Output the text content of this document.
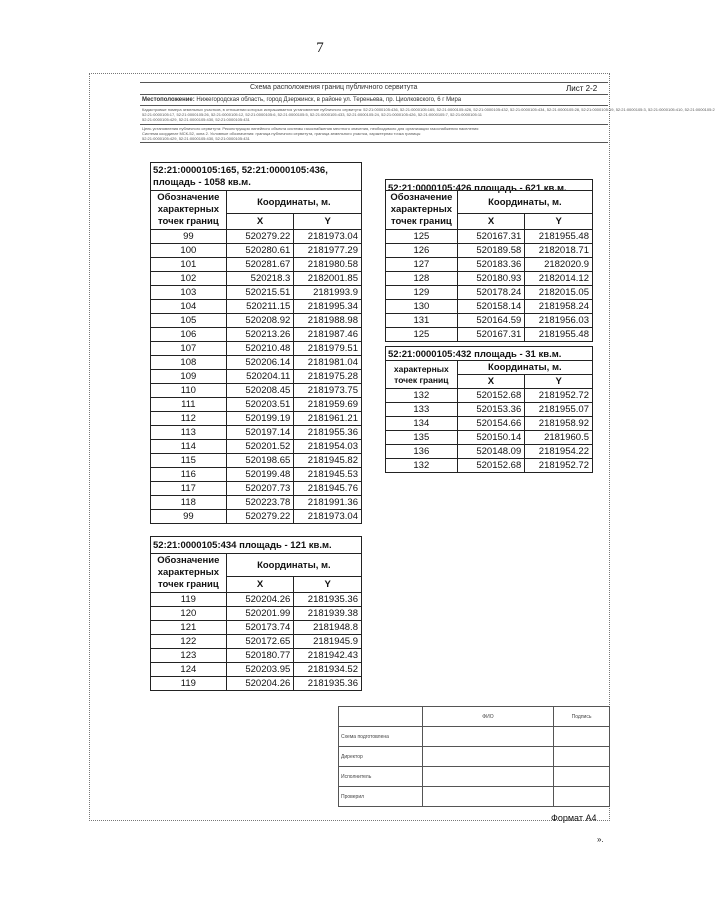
7
Схема расположения границ публичного сервитута	Лист 2-2
Местоположение: Нижегородская область, город Дзержинск, в районе ул. Тереньева, пр. Циолковского, 6 г Мира
Кадастровые номера земельных участков, в отношении которых испрашивается установление публичного сервитута: 52:21:0000105:436, 52:21:0000105:165, 52:21:0000105:426, 52:21:0000105:432, 52:21:0000105:434, 52:21:0000105:28, 52:21:0000105:19, 52:21:0000105:3, 52:21:0000105:410, 52:21:0000105:2
52:21:0000105:17, 52:21:0000105:26, 52:21:0000105:12, 52:21:0000105:6, 52:21:0000105:5, 52:21:0000105:433, 52:21:0000105:24, 52:21:0000105:426, 52:21:0000105:7, 52:21:0000105:11
52:21:0000105:429, 52:21:0000105:430, 52:21:0000105:431
Цель установления публичного сервитута: Реконструкция линейного объекта системы газоснабжения местного значения, необходимого для организации газоснабжения населения
Система координат МСК-52, зона 2. Условные обозначения: граница публичного сервитута, граница земельного участка, характерная точка границы
52:21:0000105:429, 52:21:0000105:430, 52:21:0000105:431
52:21:0000105:165, 52:21:0000105:436,
площадь - 1058 кв.м.
Обозначение характерных точек границ	Координаты, м.	
	X	Y
99	520279.22	2181973.04
100	520280.61	2181977.29
101	520281.67	2181980.58
102	520218.3	2182001.85
103	520215.51	2181993.9
104	520211.15	2181995.34
105	520208.92	2181988.98
106	520213.26	2181987.46
107	520210.48	2181979.51
108	520206.14	2181981.04
109	520204.11	2181975.28
110	520208.45	2181973.75
111	520203.51	2181959.69
112	520199.19	2181961.21
113	520197.14	2181955.36
114	520201.52	2181954.03
115	520198.65	2181945.82
116	520199.48	2181945.53
117	520207.73	2181945.76
118	520223.78	2181991.36
99	520279.22	2181973.04
52:21:0000105:426 площадь - 621 кв.м.
Обозначение характерных точек границ	Координаты, м.	
	X	Y
125	520167.31	2181955.48
126	520189.58	2182018.71
127	520183.36	2182020.9
128	520180.93	2182014.12
129	520178.24	2182015.05
130	520158.14	2181958.24
131	520164.59	2181956.03
125	520167.31	2181955.48
52:21:0000105:432 площадь - 31 кв.м.
характерных точек границ	Координаты, м.	
	X	Y
132	520152.68	2181952.72
133	520153.36	2181955.07
134	520154.66	2181958.92
135	520150.14	2181960.5
136	520148.09	2181954.22
132	520152.68	2181952.72
52:21:0000105:434 площадь - 121 кв.м.
Обозначение характерных точек границ	Координаты, м.	
	X	Y
119	520204.26	2181935.36
120	520201.99	2181939.38
121	520173.74	2181948.8
122	520172.65	2181945.9
123	520180.77	2181942.43
124	520203.95	2181934.52
119	520204.26	2181935.36
	ФИО	Подпись
Схема подготовлена		
Директор		
Исполнитель		
Проверил		
Формат А4
».
